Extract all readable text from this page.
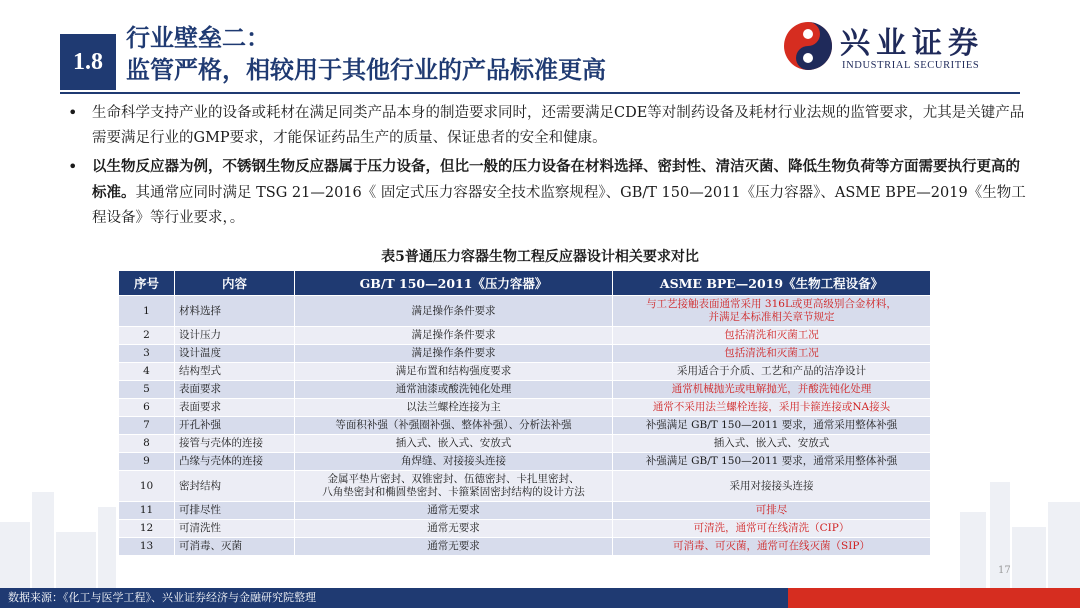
1.8
行业壁垒二：
监管严格，相较用于其他行业的产品标准更高
兴业证券
INDUSTRIAL SECURITIES
• 生命科学支持产业的设备或耗材在满足同类产品本身的制造要求同时，还需要满足CDE等对制药设备及耗材行业法规的监管要求，尤其是关键产品需要满足行业的GMP要求，才能保证药品生产的质量、保证患者的安全和健康。
• 以生物反应器为例，不锈钢生物反应器属于压力设备，但比一般的压力设备在材料选择、密封性、清洁灭菌、降低生物负荷等方面需要执行更高的标准。其通常应同时满足 TSG 21—2016《 固定式压力容器安全技术监察规程》、GB/T 150—2011《压力容器》、ASME BPE—2019《生物工程设备》等行业要求，。
表5普通压力容器生物工程反应器设计相关要求对比
序号	内容	GB/T 150—2011《压力容器》	ASME BPE—2019《生物工程设备》
1	材料选择	满足操作条件要求	与工艺接触表面通常采用 316L或更高级别合金材料，
并满足本标准相关章节规定
2	设计压力	满足操作条件要求	包括清洗和灭菌工况
3	设计温度	满足操作条件要求	包括清洗和灭菌工况
4	结构型式	满足布置和结构强度要求	采用适合于介质、工艺和产品的洁净设计
5	表面要求	通常油漆或酸洗钝化处理	通常机械抛光或电解抛光，并酸洗钝化处理
6	表面要求	以法兰螺栓连接为主	通常不采用法兰螺栓连接，采用卡箍连接或NA接头
7	开孔补强	等面积补强（补强圈补强、整体补强）、分析法补强	补强满足 GB/T 150—2011 要求，通常采用整体补强
8	接管与壳体的连接	插入式、嵌入式、安放式	插入式、嵌入式、安放式
9	凸缘与壳体的连接	角焊缝、对接接头连接	补强满足 GB/T 150—2011 要求，通常采用整体补强
10	密封结构	金属平垫片密封、双锥密封、伍德密封、卡扎里密封、
八角垫密封和椭圆垫密封、卡箍紧固密封结构的设计方法	采用对接接头连接
11	可排尽性	通常无要求	可排尽
12	可清洗性	通常无要求	可清洗，通常可在线清洗（CIP）
13	可消毒、灭菌	通常无要求	可消毒、可灭菌，通常可在线灭菌（SIP）
17
数据来源：《化工与医学工程》、兴业证券经济与金融研究院整理
